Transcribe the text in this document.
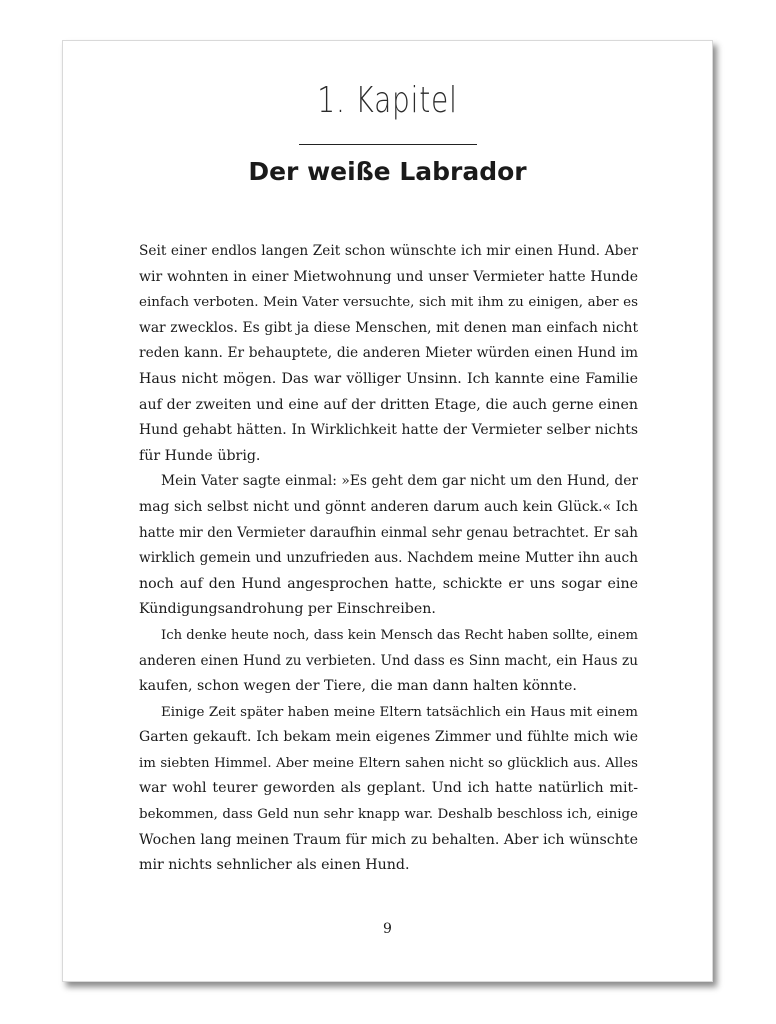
1. Kapitel
Der weiße Labrador
Seit einer endlos langen Zeit schon wünschte ich mir einen Hund. Aber
wir wohnten in einer Mietwohnung und unser Vermieter hatte Hunde
einfach verboten. Mein Vater versuchte, sich mit ihm zu einigen, aber es
war zwecklos. Es gibt ja diese Menschen, mit denen man einfach nicht
reden kann. Er behauptete, die anderen Mieter würden einen Hund im
Haus nicht mögen. Das war völliger Unsinn. Ich kannte eine Familie
auf der zweiten und eine auf der dritten Etage, die auch gerne einen
Hund gehabt hätten. In Wirklichkeit hatte der Vermieter selber nichts
für Hunde übrig.
Mein Vater sagte einmal: »Es geht dem gar nicht um den Hund, der
mag sich selbst nicht und gönnt anderen darum auch kein Glück.« Ich
hatte mir den Vermieter daraufhin einmal sehr genau betrachtet. Er sah
wirklich gemein und unzufrieden aus. Nachdem meine Mutter ihn auch
noch auf den Hund angesprochen hatte, schickte er uns sogar eine
Kündigungsandrohung per Einschreiben.
Ich denke heute noch, dass kein Mensch das Recht haben sollte, einem
anderen einen Hund zu verbieten. Und dass es Sinn macht, ein Haus zu
kaufen, schon wegen der Tiere, die man dann halten könnte.
Einige Zeit später haben meine Eltern tatsächlich ein Haus mit einem
Garten gekauft. Ich bekam mein eigenes Zimmer und fühlte mich wie
im siebten Himmel. Aber meine Eltern sahen nicht so glücklich aus. Alles
war wohl teurer geworden als geplant. Und ich hatte natürlich mit-
bekommen, dass Geld nun sehr knapp war. Deshalb beschloss ich, einige
Wochen lang meinen Traum für mich zu behalten. Aber ich wünschte
mir nichts sehnlicher als einen Hund.
9
